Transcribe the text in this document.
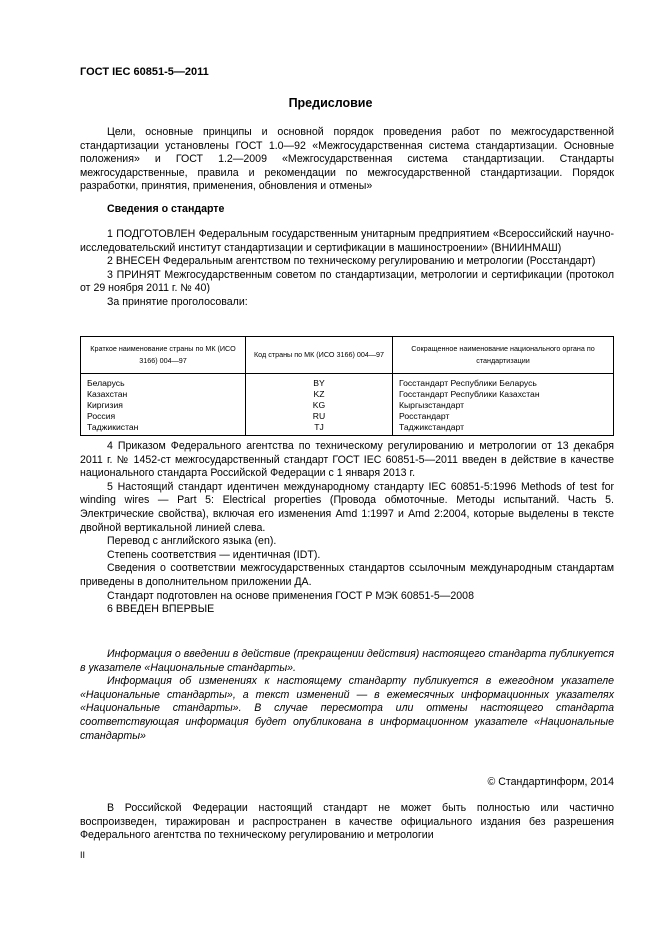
ГОСТ IEC 60851-5—2011
Предисловие

Цели, основные принципы и основной порядок проведения работ по межгосударственной стандартизации установлены ГОСТ 1.0—92 «Межгосударственная система стандартизации. Основные положения» и ГОСТ 1.2—2009 «Межгосударственная система стандартизации. Стандарты межгосударственные, правила и рекомендации по межгосударственной стандартизации. Порядок разработки, принятия, применения, обновления и отмены»

Сведения о стандарте

1 ПОДГОТОВЛЕН Федеральным государственным унитарным предприятием «Всероссийский научно-исследовательский институт стандартизации и сертификации в машиностроении» (ВНИИНМАШ)

2 ВНЕСЕН Федеральным агентством по техническому регулированию и метрологии (Росстандарт)

3 ПРИНЯТ Межгосударственным советом по стандартизации, метрологии и сертификации (протокол от 29 ноября 2011 г. № 40)

За принятие проголосовали:

Краткое наименование страны по МК (ИСО 3166) 004—97	Код страны по МК (ИСО 3166) 004—97	Сокращенное наименование национального органа по стандартизации
Беларусь	BY	Госстандарт Республики Беларусь
Казахстан	KZ	Госстандарт Республики Казахстан
Киргизия	KG	Кыргызстандарт
Россия	RU	Росстандарт
Таджикистан	TJ	Таджикстандарт

4 Приказом Федерального агентства по техническому регулированию и метрологии от 13 декабря 2011 г. № 1452-ст межгосударственный стандарт ГОСТ IEC 60851-5—2011 введен в действие в качестве национального стандарта Российской Федерации с 1 января 2013 г.

5 Настоящий стандарт идентичен международному стандарту IEC 60851-5:1996 Methods of test for winding wires — Part 5: Electrical properties (Провода обмоточные. Методы испытаний. Часть 5. Электрические свойства), включая его изменения Amd 1:1997 и Amd 2:2004, которые выделены в тексте двойной вертикальной линией слева.

Перевод с английского языка (en).

Степень соответствия — идентичная (IDT).

Сведения о соответствии межгосударственных стандартов ссылочным международным стандартам приведены в дополнительном приложении ДА.

Стандарт подготовлен на основе применения ГОСТ Р МЭК 60851-5—2008

6 ВВЕДЕН ВПЕРВЫЕ

Информация о введении в действие (прекращении действия) настоящего стандарта публикуется в указателе «Национальные стандарты».

Информация об изменениях к настоящему стандарту публикуется в ежегодном указателе «Национальные стандарты», а текст изменений — в ежемесячных информационных указателях «Национальные стандарты». В случае пересмотра или отмены настоящего стандарта соответствующая информация будет опубликована в информационном указателе «Национальные стандарты»

© Стандартинформ, 2014

В Российской Федерации настоящий стандарт не может быть полностью или частично воспроизведен, тиражирован и распространен в качестве официального издания без разрешения Федерального агентства по техническому регулированию и метрологии

II
